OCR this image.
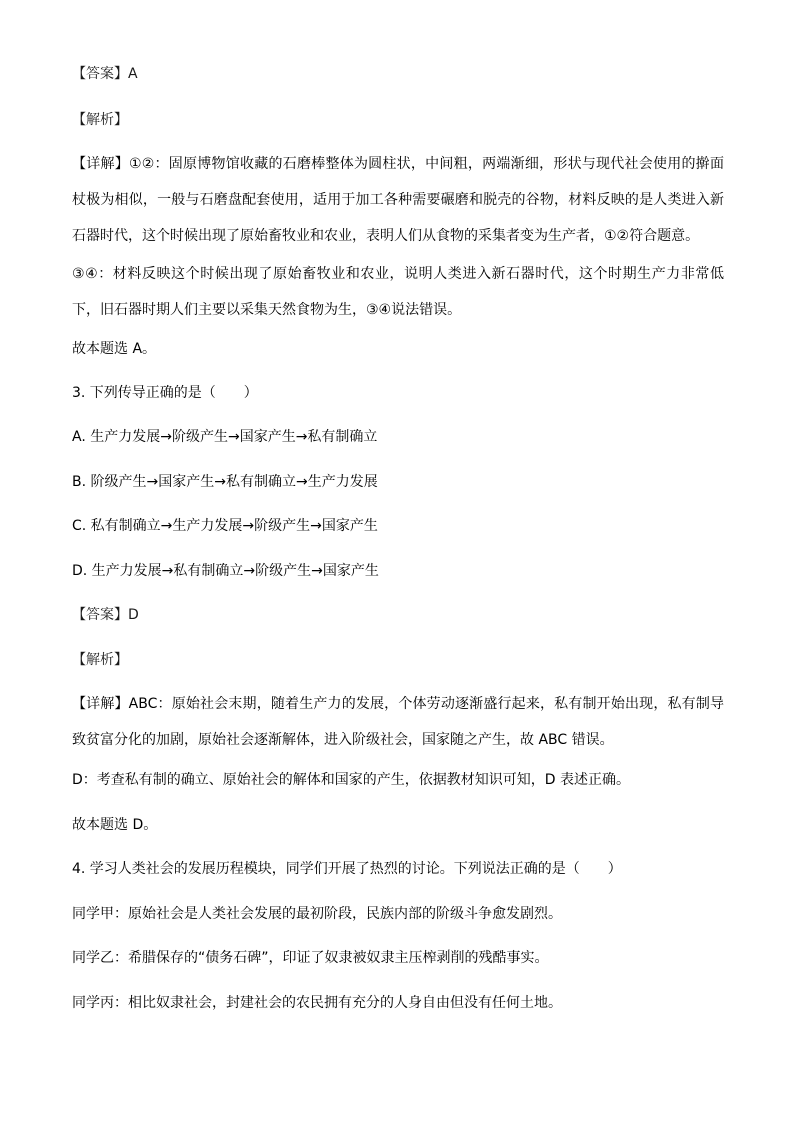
【答案】A
【解析】
【详解】①②：固原博物馆收藏的石磨棒整体为圆柱状，中间粗，两端渐细，形状与现代社会使用的擀面杖极为相似，一般与石磨盘配套使用，适用于加工各种需要碾磨和脱壳的谷物，材料反映的是人类进入新石器时代，这个时候出现了原始畜牧业和农业，表明人们从食物的采集者变为生产者，①②符合题意。
③④：材料反映这个时候出现了原始畜牧业和农业，说明人类进入新石器时代，这个时期生产力非常低下，旧石器时期人们主要以采集天然食物为生，③④说法错误。
故本题选 A。
3. 下列传导正确的是（　　）
A. 生产力发展→阶级产生→国家产生→私有制确立
B. 阶级产生→国家产生→私有制确立→生产力发展
C. 私有制确立→生产力发展→阶级产生→国家产生
D. 生产力发展→私有制确立→阶级产生→国家产生
【答案】D
【解析】
【详解】ABC：原始社会末期，随着生产力的发展，个体劳动逐渐盛行起来，私有制开始出现，私有制导致贫富分化的加剧，原始社会逐渐解体，进入阶级社会，国家随之产生，故 ABC 错误。
D：考查私有制的确立、原始社会的解体和国家的产生，依据教材知识可知，D 表述正确。
故本题选 D。
4. 学习人类社会的发展历程模块，同学们开展了热烈的讨论。下列说法正确的是（　　）
同学甲：原始社会是人类社会发展的最初阶段，民族内部的阶级斗争愈发剧烈。
同学乙：希腊保存的“债务石碑”，印证了奴隶被奴隶主压榨剥削的残酷事实。
同学丙：相比奴隶社会，封建社会的农民拥有充分的人身自由但没有任何土地。
